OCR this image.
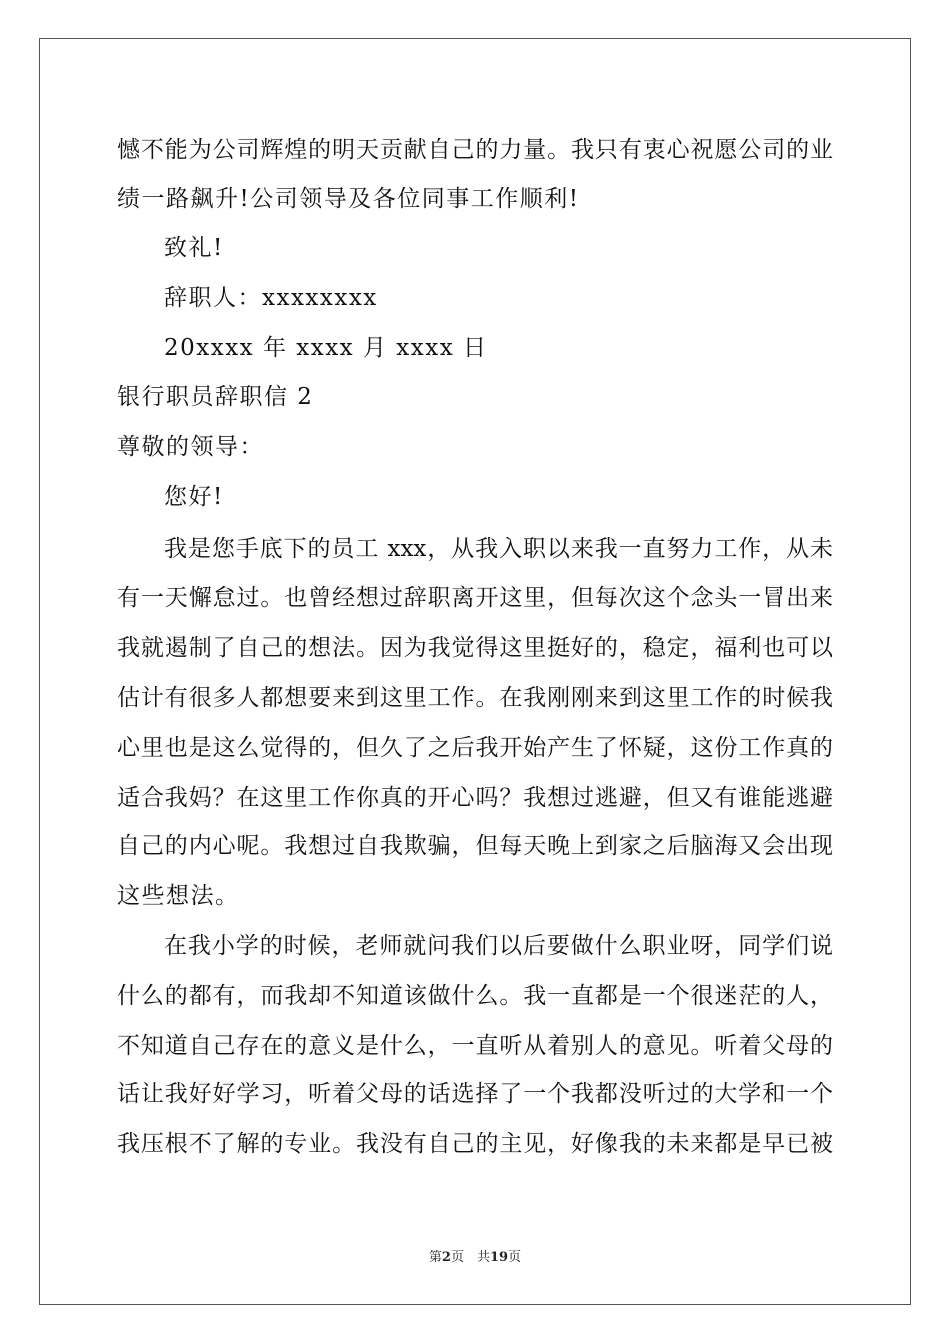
憾不能为公司辉煌的明天贡献自己的力量。我只有衷心祝愿公司的业
绩一路飙升!公司领导及各位同事工作顺利!
致礼!
辞职人：xxxxxxxx
20xxxx 年 xxxx 月 xxxx 日
银行职员辞职信 2
尊敬的领导：
您好!
我是您手底下的员工 xxx，从我入职以来我一直努力工作，从未
有一天懈怠过。也曾经想过辞职离开这里，但每次这个念头一冒出来
我就遏制了自己的想法。因为我觉得这里挺好的，稳定，福利也可以
估计有很多人都想要来到这里工作。在我刚刚来到这里工作的时候我
心里也是这么觉得的，但久了之后我开始产生了怀疑，这份工作真的
适合我妈？在这里工作你真的开心吗？我想过逃避，但又有谁能逃避
自己的内心呢。我想过自我欺骗，但每天晚上到家之后脑海又会出现
这些想法。
在我小学的时候，老师就问我们以后要做什么职业呀，同学们说
什么的都有，而我却不知道该做什么。我一直都是一个很迷茫的人，
不知道自己存在的意义是什么，一直听从着别人的意见。听着父母的
话让我好好学习，听着父母的话选择了一个我都没听过的大学和一个
我压根不了解的专业。我没有自己的主见，好像我的未来都是早已被
第2页　共19页
